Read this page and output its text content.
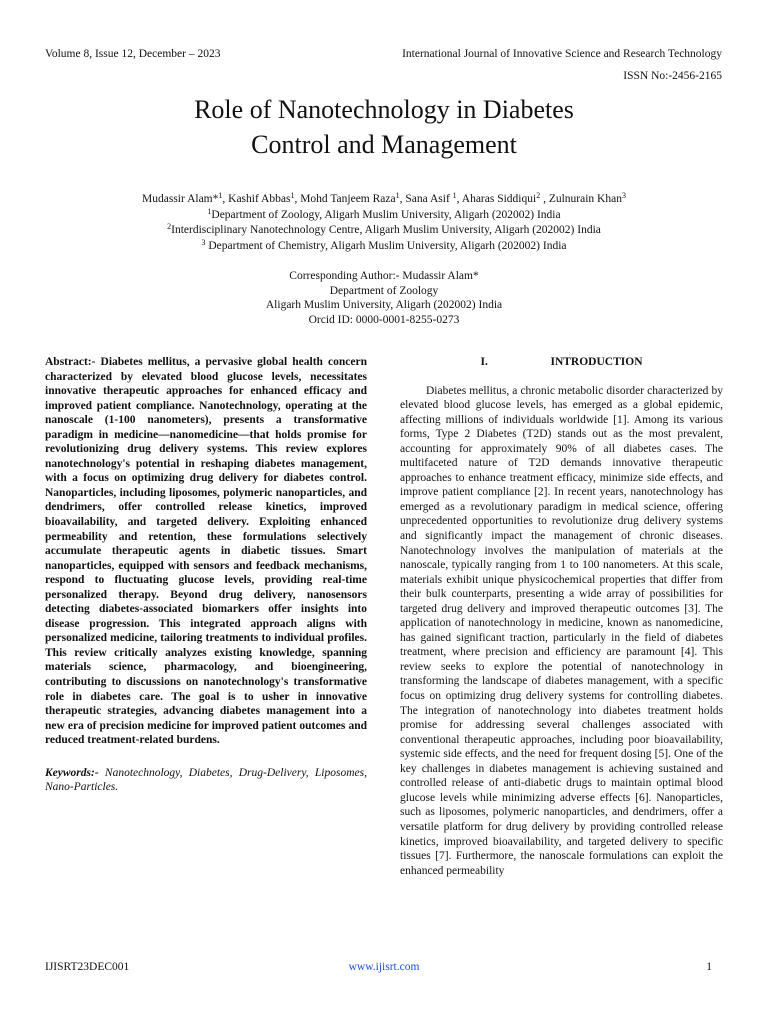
Volume 8, Issue 12, December – 2023	International Journal of Innovative Science and Research Technology
ISSN No:-2456-2165
Role of Nanotechnology in Diabetes
Control and Management
Mudassir Alam*$^1$, Kashif Abbas$^1$, Mohd Tanjeem Raza$^1$, Sana Asif $^1$, Aharas Siddiqui$^2$ , Zulnurain Khan$^3$
$^1$Department of Zoology, Aligarh Muslim University, Aligarh (202002) India
$^2$Interdisciplinary Nanotechnology Centre, Aligarh Muslim University, Aligarh (202002) India
$^3$ Department of Chemistry, Aligarh Muslim University, Aligarh (202002) India
Corresponding Author:- Mudassir Alam*
Department of Zoology
Aligarh Muslim University, Aligarh (202002) India
Orcid ID: 0000-0001-8255-0273

Abstract:- Diabetes mellitus, a pervasive global health concern characterized by elevated blood glucose levels, necessitates innovative therapeutic approaches for enhanced efficacy and improved patient compliance. Nanotechnology, operating at the nanoscale (1-100 nanometers), presents a transformative paradigm in medicine—nanomedicine—that holds promise for revolutionizing drug delivery systems. This review explores nanotechnology's potential in reshaping diabetes management, with a focus on optimizing drug delivery for diabetes control. Nanoparticles, including liposomes, polymeric nanoparticles, and dendrimers, offer controlled release kinetics, improved bioavailability, and targeted delivery. Exploiting enhanced permeability and retention, these formulations selectively accumulate therapeutic agents in diabetic tissues. Smart nanoparticles, equipped with sensors and feedback mechanisms, respond to fluctuating glucose levels, providing real-time personalized therapy. Beyond drug delivery, nanosensors detecting diabetes-associated biomarkers offer insights into disease progression. This integrated approach aligns with personalized medicine, tailoring treatments to individual profiles. This review critically analyzes existing knowledge, spanning materials science, pharmacology, and bioengineering, contributing to discussions on nanotechnology's transformative role in diabetes care. The goal is to usher in innovative therapeutic strategies, advancing diabetes management into a new era of precision medicine for improved patient outcomes and reduced treatment-related burdens.

Keywords:- Nanotechnology, Diabetes, Drug-Delivery, Liposomes, Nano-Particles.

I.	INTRODUCTION

Diabetes mellitus, a chronic metabolic disorder characterized by elevated blood glucose levels, has emerged as a global epidemic, affecting millions of individuals worldwide [1]. Among its various forms, Type 2 Diabetes (T2D) stands out as the most prevalent, accounting for approximately 90% of all diabetes cases. The multifaceted nature of T2D demands innovative therapeutic approaches to enhance treatment efficacy, minimize side effects, and improve patient compliance [2]. In recent years, nanotechnology has emerged as a revolutionary paradigm in medical science, offering unprecedented opportunities to revolutionize drug delivery systems and significantly impact the management of chronic diseases. Nanotechnology involves the manipulation of materials at the nanoscale, typically ranging from 1 to 100 nanometers. At this scale, materials exhibit unique physicochemical properties that differ from their bulk counterparts, presenting a wide array of possibilities for targeted drug delivery and improved therapeutic outcomes [3]. The application of nanotechnology in medicine, known as nanomedicine, has gained significant traction, particularly in the field of diabetes treatment, where precision and efficiency are paramount [4]. This review seeks to explore the potential of nanotechnology in transforming the landscape of diabetes management, with a specific focus on optimizing drug delivery systems for controlling diabetes. The integration of nanotechnology into diabetes treatment holds promise for addressing several challenges associated with conventional therapeutic approaches, including poor bioavailability, systemic side effects, and the need for frequent dosing [5]. One of the key challenges in diabetes management is achieving sustained and controlled release of anti-diabetic drugs to maintain optimal blood glucose levels while minimizing adverse effects [6]. Nanoparticles, such as liposomes, polymeric nanoparticles, and dendrimers, offer a versatile platform for drug delivery by providing controlled release kinetics, improved bioavailability, and targeted delivery to specific tissues [7]. Furthermore, the nanoscale formulations can exploit the enhanced permeability

IJISRT23DEC001	www.ijisrt.com	1
